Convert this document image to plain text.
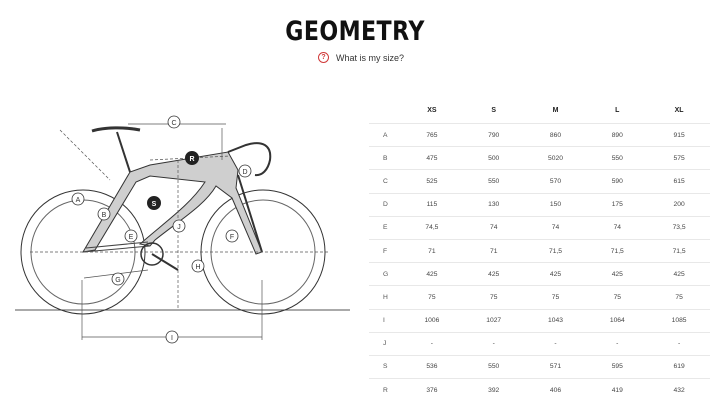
GEOMETRY
?	What is my size?
A
B
C
D
E	F
G
H
I
J
R
S
	XS	S	M	L	XL
A	765	790	860	890	915
B	475	500	5020	550	575
C	525	550	570	590	615
D	115	130	150	175	200
E	74,5	74	74	74	73,5
F	71	71	71,5	71,5	71,5
G	425	425	425	425	425
H	75	75	75	75	75
I	1006	1027	1043	1064	1085
J	-	-	-	-	-
S	536	550	571	595	619
R	376	392	406	419	432
